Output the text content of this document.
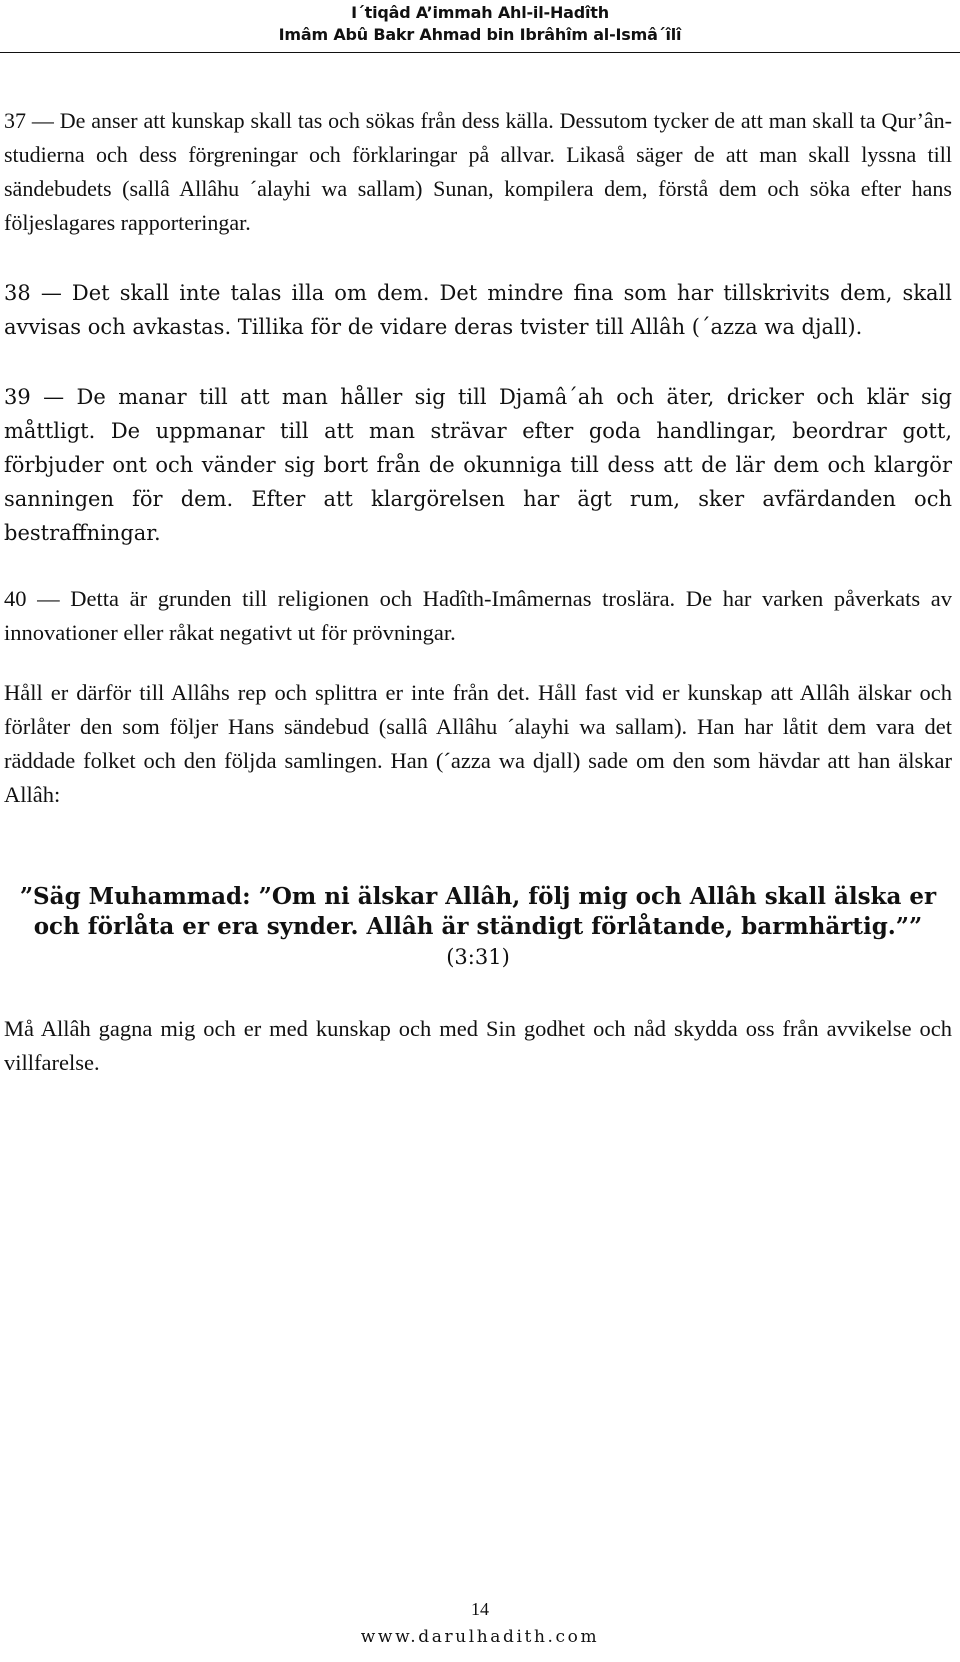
I´tiqâd A’immah Ahl-il-Hadîth
Imâm Abû Bakr Ahmad bin Ibrâhîm al-Ismâ´îlî

37 — De anser att kunskap skall tas och sökas från dess källa. Dessutom tycker de att man skall ta Qur’ân-studierna och dess förgreningar och förklaringar på allvar. Likaså säger de att man skall lyssna till sändebudets (sallâ Allâhu ´alayhi wa sallam) Sunan, kompilera dem, förstå dem och söka efter hans följeslagares rapporteringar.

38 — Det skall inte talas illa om dem. Det mindre fina som har tillskrivits dem, skall avvisas och avkastas. Tillika för de vidare deras tvister till Allâh (´azza wa djall).

39 — De manar till att man håller sig till Djamâ´ah och äter, dricker och klär sig måttligt. De uppmanar till att man strävar efter goda handlingar, beordrar gott, förbjuder ont och vänder sig bort från de okunniga till dess att de lär dem och klargör sanningen för dem. Efter att klargörelsen har ägt rum, sker avfärdanden och bestraffningar.

40 — Detta är grunden till religionen och Hadîth-Imâmernas troslära. De har varken påverkats av innovationer eller råkat negativt ut för prövningar.

Håll er därför till Allâhs rep och splittra er inte från det. Håll fast vid er kunskap att Allâh älskar och förlåter den som följer Hans sändebud (sallâ Allâhu ´alayhi wa sallam). Han har låtit dem vara det räddade folket och den följda samlingen. Han (´azza wa djall) sade om den som hävdar att han älskar Allâh:

”Säg Muhammad: ”Om ni älskar Allâh, följ mig och Allâh skall älska er och förlåta er era synder. Allâh är ständigt förlåtande, barmhärtig.””
(3:31)

Må Allâh gagna mig och er med kunskap och med Sin godhet och nåd skydda oss från avvikelse och villfarelse.

14
www.darulhadith.com
